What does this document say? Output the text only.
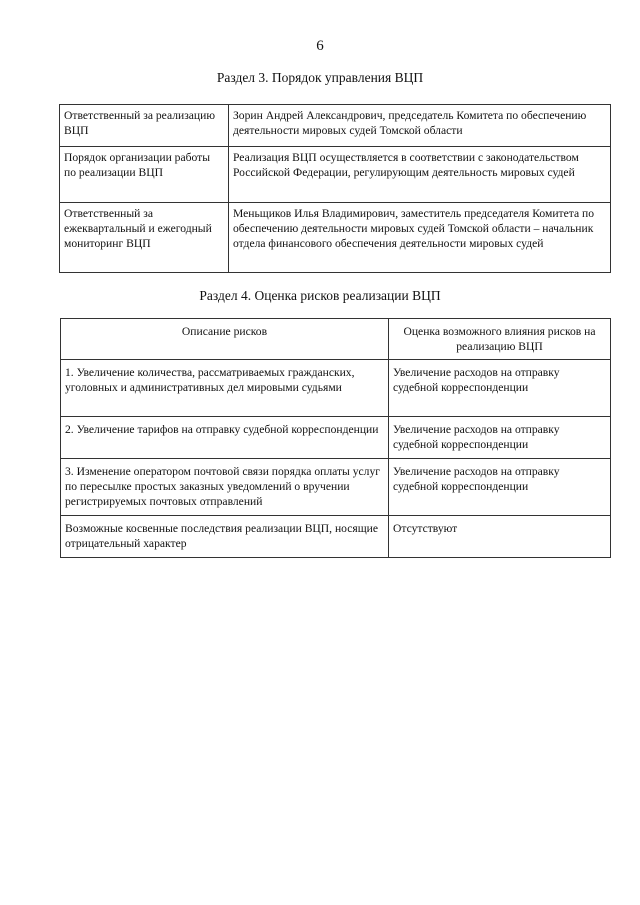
6
Раздел 3. Порядок управления ВЦП
Ответственный за реализацию ВЦП	Зорин Андрей Александрович, председатель Комитета по обеспечению деятельности мировых судей Томской области
Порядок организации работы по реализации ВЦП	Реализация ВЦП осуществляется в соответствии с законодательством Российской Федерации, регулирующим деятельность мировых судей
Ответственный за ежеквартальный и ежегодный мониторинг ВЦП	Меньщиков Илья Владимирович, заместитель председателя Комитета по обеспечению деятельности мировых судей Томской области – начальник отдела финансового обеспечения деятельности мировых судей
Раздел 4. Оценка рисков реализации ВЦП
Описание рисков	Оценка возможного влияния рисков на реализацию ВЦП
1. Увеличение количества, рассматриваемых гражданских, уголовных и административных дел мировыми судьями	Увеличение расходов на отправку судебной корреспонденции
2. Увеличение тарифов на отправку судебной корреспонденции	Увеличение расходов на отправку судебной корреспонденции
3. Изменение оператором почтовой связи порядка оплаты услуг по пересылке простых заказных уведомлений о вручении регистрируемых почтовых отправлений	Увеличение расходов на отправку судебной корреспонденции
Возможные косвенные последствия реализации ВЦП, носящие отрицательный характер	Отсутствуют
